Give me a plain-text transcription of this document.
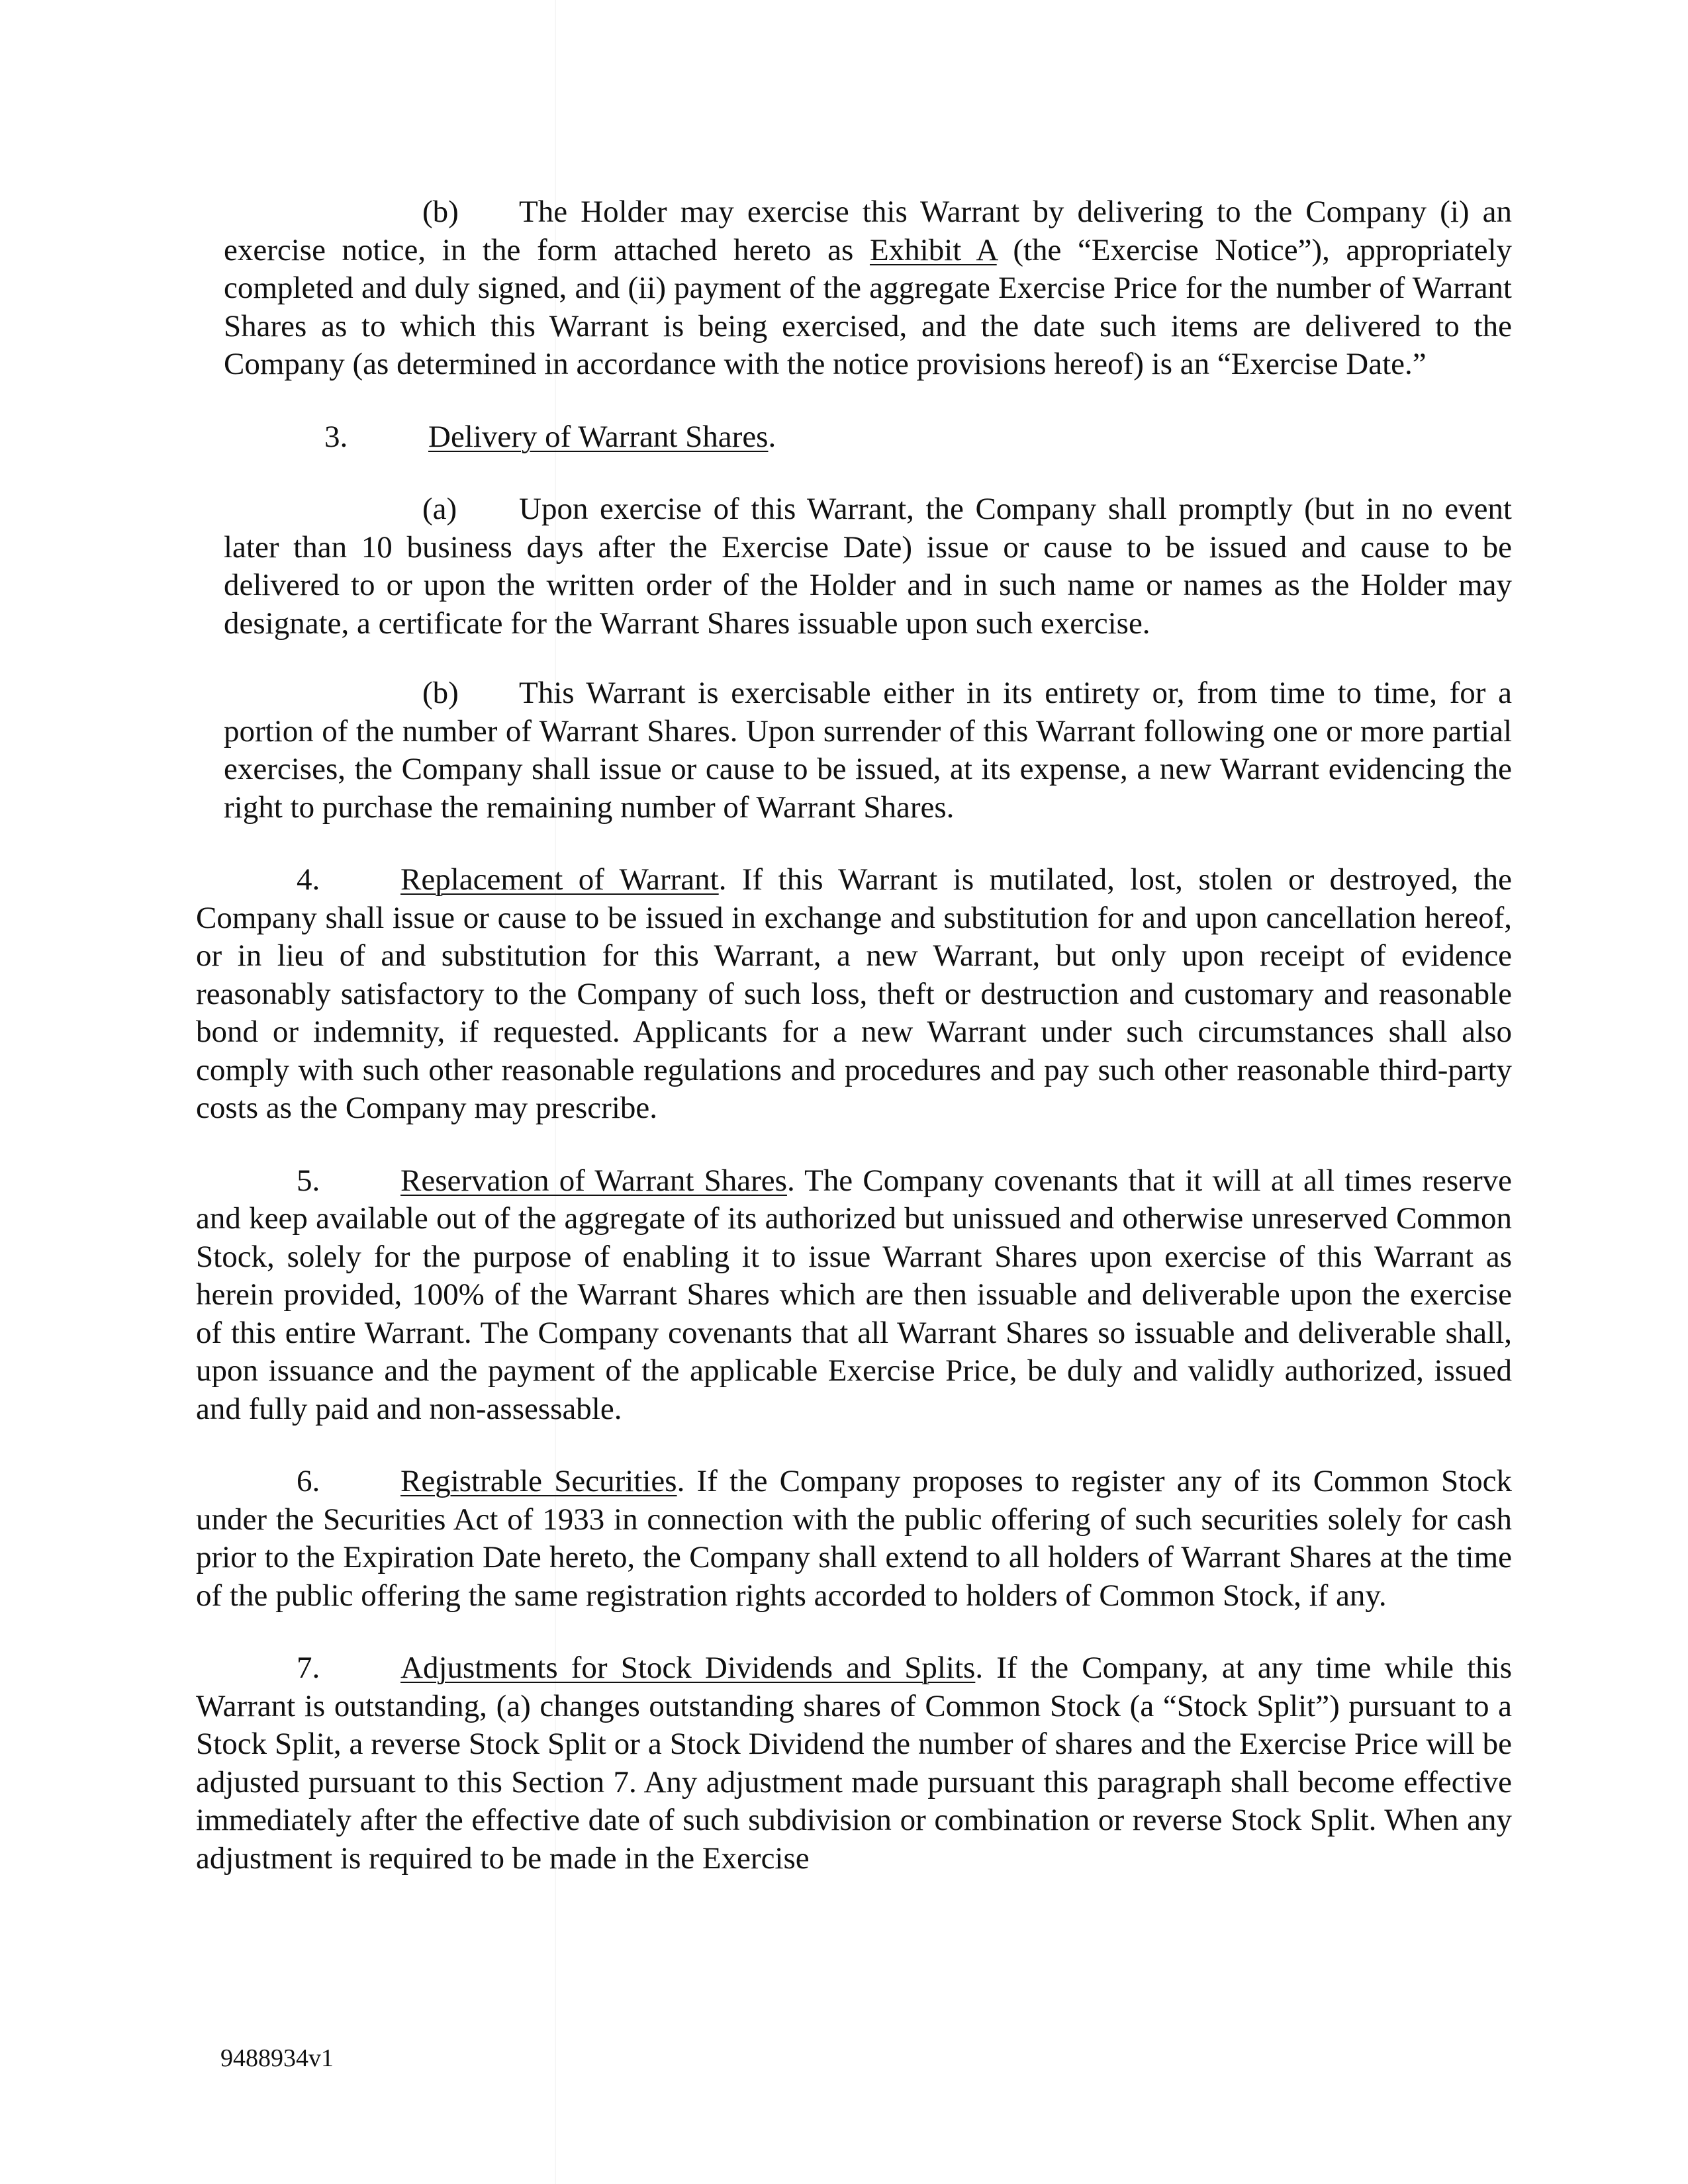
(b) The Holder may exercise this Warrant by delivering to the Company (i) an exercise notice, in the form attached hereto as Exhibit A (the “Exercise Notice”), appropriately completed and duly signed, and (ii) payment of the aggregate Exercise Price for the number of Warrant Shares as to which this Warrant is being exercised, and the date such items are delivered to the Company (as determined in accordance with the notice provisions hereof) is an “Exercise Date.”

3.	Delivery of Warrant Shares.

(a) Upon exercise of this Warrant, the Company shall promptly (but in no event later than 10 business days after the Exercise Date) issue or cause to be issued and cause to be delivered to or upon the written order of the Holder and in such name or names as the Holder may designate, a certificate for the Warrant Shares issuable upon such exercise.

(b) This Warrant is exercisable either in its entirety or, from time to time, for a portion of the number of Warrant Shares. Upon surrender of this Warrant following one or more partial exercises, the Company shall issue or cause to be issued, at its expense, a new Warrant evidencing the right to purchase the remaining number of Warrant Shares.

4.	Replacement of Warrant. If this Warrant is mutilated, lost, stolen or destroyed, the Company shall issue or cause to be issued in exchange and substitution for and upon cancellation hereof, or in lieu of and substitution for this Warrant, a new Warrant, but only upon receipt of evidence reasonably satisfactory to the Company of such loss, theft or destruction and customary and reasonable bond or indemnity, if requested. Applicants for a new Warrant under such circumstances shall also comply with such other reasonable regulations and procedures and pay such other reasonable third-party costs as the Company may prescribe.

5.	Reservation of Warrant Shares. The Company covenants that it will at all times reserve and keep available out of the aggregate of its authorized but unissued and otherwise unreserved Common Stock, solely for the purpose of enabling it to issue Warrant Shares upon exercise of this Warrant as herein provided, 100% of the Warrant Shares which are then issuable and deliverable upon the exercise of this entire Warrant. The Company covenants that all Warrant Shares so issuable and deliverable shall, upon issuance and the payment of the applicable Exercise Price, be duly and validly authorized, issued and fully paid and non-assessable.

6.	Registrable Securities. If the Company proposes to register any of its Common Stock under the Securities Act of 1933 in connection with the public offering of such securities solely for cash prior to the Expiration Date hereto, the Company shall extend to all holders of Warrant Shares at the time of the public offering the same registration rights accorded to holders of Common Stock, if any.

7.	Adjustments for Stock Dividends and Splits. If the Company, at any time while this Warrant is outstanding, (a) changes outstanding shares of Common Stock (a “Stock Split”) pursuant to a Stock Split, a reverse Stock Split or a Stock Dividend the number of shares and the Exercise Price will be adjusted pursuant to this Section 7. Any adjustment made pursuant this paragraph shall become effective immediately after the effective date of such subdivision or combination or reverse Stock Split. When any adjustment is required to be made in the Exercise

9488934v1
